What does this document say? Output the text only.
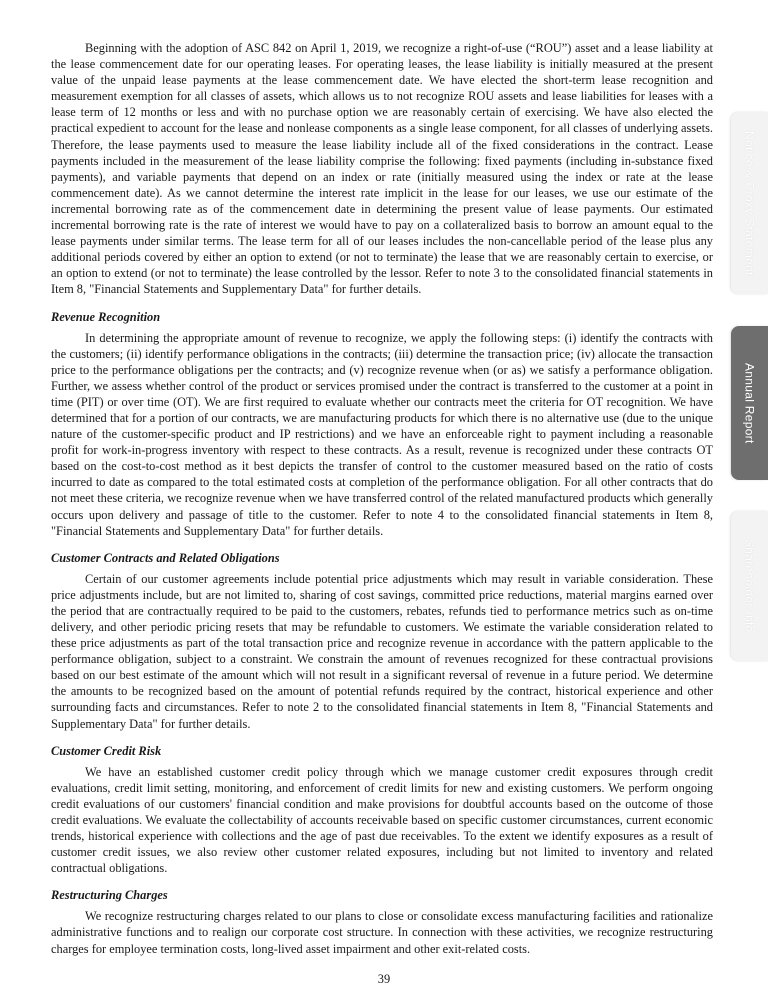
Beginning with the adoption of ASC 842 on April 1, 2019, we recognize a right-of-use (“ROU”) asset and a lease liability at the lease commencement date for our operating leases. For operating leases, the lease liability is initially measured at the present value of the unpaid lease payments at the lease commencement date. We have elected the short-term lease recognition and measurement exemption for all classes of assets, which allows us to not recognize ROU assets and lease liabilities for leases with a lease term of 12 months or less and with no purchase option we are reasonably certain of exercising. We have also elected the practical expedient to account for the lease and nonlease components as a single lease component, for all classes of underlying assets. Therefore, the lease payments used to measure the lease liability include all of the fixed considerations in the contract. Lease payments included in the measurement of the lease liability comprise the following: fixed payments (including in-substance fixed payments), and variable payments that depend on an index or rate (initially measured using the index or rate at the lease commencement date). As we cannot determine the interest rate implicit in the lease for our leases, we use our estimate of the incremental borrowing rate as of the commencement date in determining the present value of lease payments. Our estimated incremental borrowing rate is the rate of interest we would have to pay on a collateralized basis to borrow an amount equal to the lease payments under similar terms. The lease term for all of our leases includes the non-cancellable period of the lease plus any additional periods covered by either an option to extend (or not to terminate) the lease that we are reasonably certain to exercise, or an option to extend (or not to terminate) the lease controlled by the lessor. Refer to note 3 to the consolidated financial statements in Item 8, "Financial Statements and Supplementary Data" for further details.

Revenue Recognition

In determining the appropriate amount of revenue to recognize, we apply the following steps: (i) identify the contracts with the customers; (ii) identify performance obligations in the contracts; (iii) determine the transaction price; (iv) allocate the transaction price to the performance obligations per the contracts; and (v) recognize revenue when (or as) we satisfy a performance obligation. Further, we assess whether control of the product or services promised under the contract is transferred to the customer at a point in time (PIT) or over time (OT). We are first required to evaluate whether our contracts meet the criteria for OT recognition. We have determined that for a portion of our contracts, we are manufacturing products for which there is no alternative use (due to the unique nature of the customer-specific product and IP restrictions) and we have an enforceable right to payment including a reasonable profit for work-in-progress inventory with respect to these contracts. As a result, revenue is recognized under these contracts OT based on the cost-to-cost method as it best depicts the transfer of control to the customer measured based on the ratio of costs incurred to date as compared to the total estimated costs at completion of the performance obligation. For all other contracts that do not meet these criteria, we recognize revenue when we have transferred control of the related manufactured products which generally occurs upon delivery and passage of title to the customer. Refer to note 4 to the consolidated financial statements in Item 8, "Financial Statements and Supplementary Data" for further details.

Customer Contracts and Related Obligations

Certain of our customer agreements include potential price adjustments which may result in variable consideration. These price adjustments include, but are not limited to, sharing of cost savings, committed price reductions, material margins earned over the period that are contractually required to be paid to the customers, rebates, refunds tied to performance metrics such as on-time delivery, and other periodic pricing resets that may be refundable to customers. We estimate the variable consideration related to these price adjustments as part of the total transaction price and recognize revenue in accordance with the pattern applicable to the performance obligation, subject to a constraint. We constrain the amount of revenues recognized for these contractual provisions based on our best estimate of the amount which will not result in a significant reversal of revenue in a future period. We determine the amounts to be recognized based on the amount of potential refunds required by the contract, historical experience and other surrounding facts and circumstances. Refer to note 2 to the consolidated financial statements in Item 8, "Financial Statements and Supplementary Data" for further details.

Customer Credit Risk

We have an established customer credit policy through which we manage customer credit exposures through credit evaluations, credit limit setting, monitoring, and enforcement of credit limits for new and existing customers. We perform ongoing credit evaluations of our customers' financial condition and make provisions for doubtful accounts based on the outcome of those credit evaluations. We evaluate the collectability of accounts receivable based on specific customer circumstances, current economic trends, historical experience with collections and the age of past due receivables. To the extent we identify exposures as a result of customer credit issues, we also review other customer related exposures, including but not limited to inventory and related contractual obligations.

Restructuring Charges

We recognize restructuring charges related to our plans to close or consolidate excess manufacturing facilities and rationalize administrative functions and to realign our corporate cost structure. In connection with these activities, we recognize restructuring charges for employee termination costs, long-lived asset impairment and other exit-related costs.

39
Notice & Proxy Statement
Annual Report
Shareholder Info
